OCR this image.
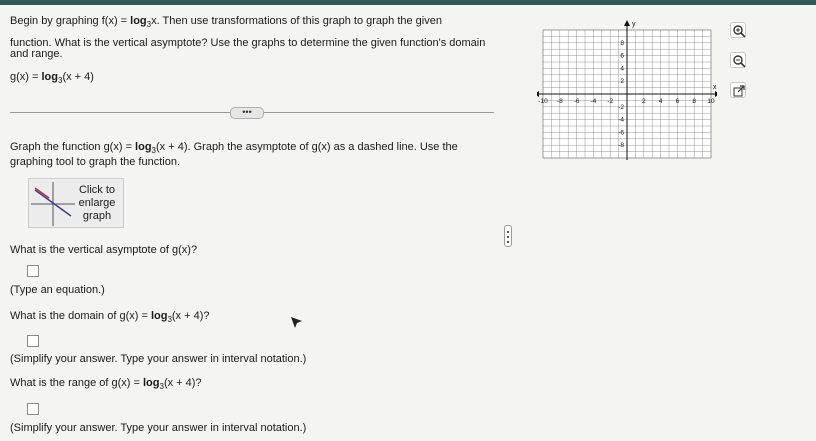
Begin by graphing $f(x) = \log_3x$. Then use transformations of this graph to graph the given
function. What is the vertical asymptote? Use the graphs to determine the given function's domain
and range.
$g(x) = \log_3(x + 4)$
•••
Graph the function $g(x) = \log_3(x + 4)$. Graph the asymptote of g(x) as a dashed line. Use the
graphing tool to graph the function.
Click to
enlarge
graph
What is the vertical asymptote of g(x)?
(Type an equation.)
What is the domain of $g(x) = \log_3(x + 4)$?
(Simplify your answer. Type your answer in interval notation.)
What is the range of $g(x) = \log_3(x + 4)$?
(Simplify your answer. Type your answer in interval notation.)
-10 -8 -6 -4 -2	2 4 6 8 10
8
6
4
2
-2
-4
-6
-8
x
y
